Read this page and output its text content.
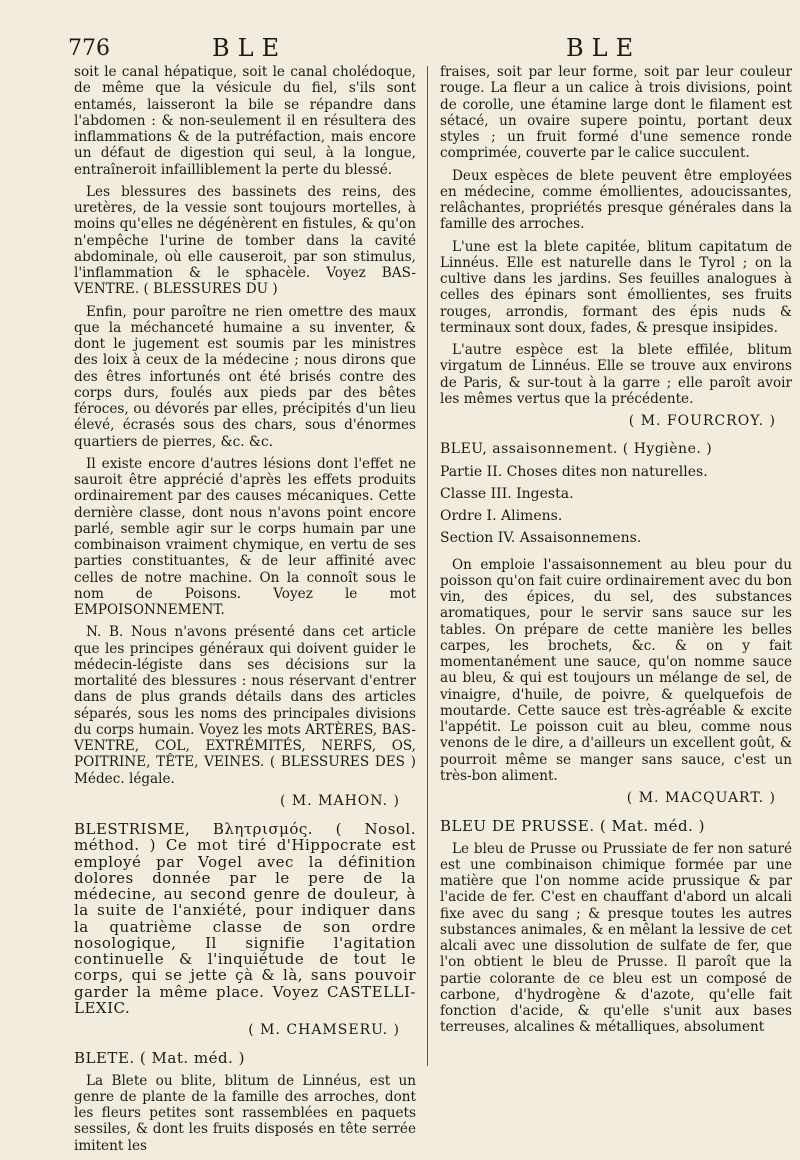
776	BLE	BLE

soit le canal hépatique, soit le canal cholédoque, de même que la vésicule du fiel, s'ils sont entamés, laisseront la bile se répandre dans l'abdomen : & non-seulement il en résultera des inflammations & de la putréfaction, mais encore un défaut de digestion qui seul, à la longue, entraîneroit infailliblement la perte du blessé.

Les blessures des bassinets des reins, des uretères, de la vessie sont toujours mortelles, à moins qu'elles ne dégénèrent en fistules, & qu'on n'empêche l'urine de tomber dans la cavité abdominale, où elle causeroit, par son stimulus, l'inflammation & le sphacèle. Voyez BAS-VENTRE. ( BLESSURES DU )

Enfin, pour paroître ne rien omettre des maux que la méchanceté humaine a su inventer, & dont le jugement est soumis par les ministres des loix à ceux de la médecine ; nous dirons que des êtres infortunés ont été brisés contre des corps durs, foulés aux pieds par des bêtes féroces, ou dévorés par elles, précipités d'un lieu élevé, écrasés sous des chars, sous d'énormes quartiers de pierres, &c. &c.

Il existe encore d'autres lésions dont l'effet ne sauroit être apprécié d'après les effets produits ordinairement par des causes mécaniques. Cette dernière classe, dont nous n'avons point encore parlé, semble agir sur le corps humain par une combinaison vraiment chymique, en vertu de ses parties constituantes, & de leur affinité avec celles de notre machine. On la connoît sous le nom de Poisons. Voyez le mot EMPOISONNEMENT.

N. B. Nous n'avons présenté dans cet article que les principes généraux qui doivent guider le médecin-légiste dans ses décisions sur la mortalité des blessures : nous réservant d'entrer dans de plus grands détails dans des articles séparés, sous les noms des principales divisions du corps humain. Voyez les mots ARTÈRES, BAS-VENTRE, COL, EXTRÉMITÉS, NERFS, OS, POITRINE, TÊTE, VEINES. ( BLESSURES DES ) Médec. légale.

( M. MAHON. )

BLESTRISME, Βλητρισμός. ( Nosol. méthod. ) Ce mot tiré d'Hippocrate est employé par Vogel avec la définition dolores donnée par le pere de la médecine, au second genre de douleur, à la suite de l'anxiété, pour indiquer dans la quatrième classe de son ordre nosologique, Il signifie l'agitation continuelle & l'inquiétude de tout le corps, qui se jette çà & là, sans pouvoir garder la même place. Voyez CASTELLI-LEXIC.

( M. CHAMSERU. )

BLETE. ( Mat. méd. )

La Blete ou blite, blitum de Linnéus, est un genre de plante de la famille des arroches, dont les fleurs petites sont rassemblées en paquets sessiles, & dont les fruits disposés en tête serrée imitent les

fraises, soit par leur forme, soit par leur couleur rouge. La fleur a un calice à trois divisions, point de corolle, une étamine large dont le filament est sétacé, un ovaire supere pointu, portant deux styles ; un fruit formé d'une semence ronde comprimée, couverte par le calice succulent.

Deux espèces de blete peuvent être employées en médecine, comme émollientes, adoucissantes, relâchantes, propriétés presque générales dans la famille des arroches.

L'une est la blete capitée, blitum capitatum de Linnéus. Elle est naturelle dans le Tyrol ; on la cultive dans les jardins. Ses feuilles analogues à celles des épinars sont émollientes, ses fruits rouges, arrondis, formant des épis nuds & terminaux sont doux, fades, & presque insipides.

L'autre espèce est la blete effilée, blitum virgatum de Linnéus. Elle se trouve aux environs de Paris, & sur-tout à la garre ; elle paroît avoir les mêmes vertus que la précédente.

( M. FOURCROY. )
BLEU, assaisonnement. ( Hygiène. )
Partie II. Choses dites non naturelles.
Classe III. Ingesta.
Ordre I. Alimens.
Section IV. Assaisonnemens.

On emploie l'assaisonnement au bleu pour du poisson qu'on fait cuire ordinairement avec du bon vin, des épices, du sel, des substances aromatiques, pour le servir sans sauce sur les tables. On prépare de cette manière les belles carpes, les brochets, &c. & on y fait momentanément une sauce, qu'on nomme sauce au bleu, & qui est toujours un mélange de sel, de vinaigre, d'huile, de poivre, & quelquefois de moutarde. Cette sauce est très-agréable & excite l'appétit. Le poisson cuit au bleu, comme nous venons de le dire, a d'ailleurs un excellent goût, & pourroit même se manger sans sauce, c'est un très-bon aliment.

( M. MACQUART. )

BLEU DE PRUSSE. ( Mat. méd. )

Le bleu de Prusse ou Prussiate de fer non saturé est une combinaison chimique formée par une matière que l'on nomme acide prussique & par l'acide de fer. C'est en chauffant d'abord un alcali fixe avec du sang ; & presque toutes les autres substances animales, & en mêlant la lessive de cet alcali avec une dissolution de sulfate de fer, que l'on obtient le bleu de Prusse. Il paroît que la partie colorante de ce bleu est un composé de carbone, d'hydrogène & d'azote, qu'elle fait fonction d'acide, & qu'elle s'unit aux bases terreuses, alcalines & métalliques, absolument
